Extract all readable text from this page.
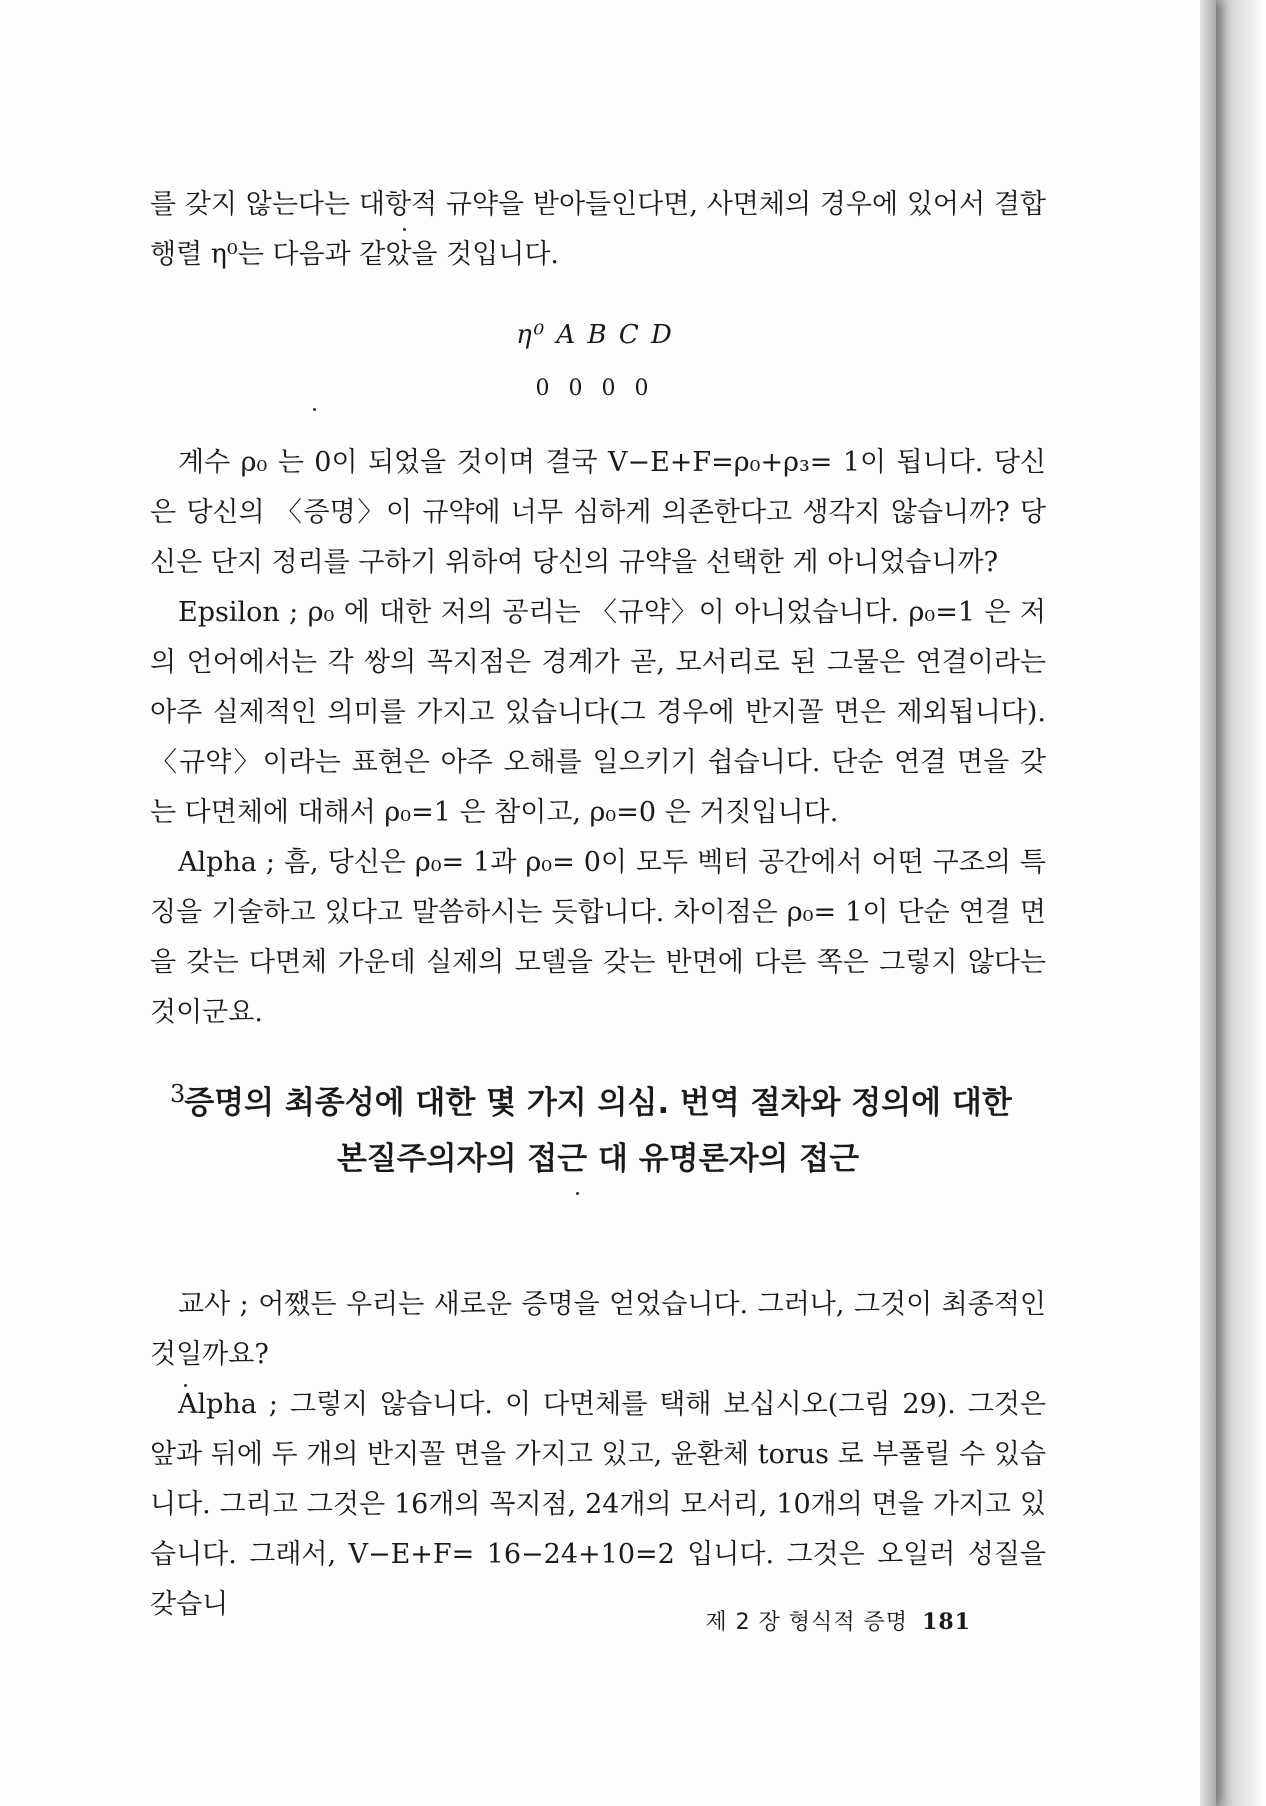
를 갖지 않는다는 대항적 규약을 받아들인다면, 사면체의 경우에 있어서 결합 행렬 η⁰는 다음과 같았을 것입니다.

η⁰ A B C D

0 0 0 0

계수 ρ₀ 는 0이 되었을 것이며 결국 V−E+F=ρ₀+ρ₃= 1이 됩니다. 당신은 당신의 〈증명〉이 규약에 너무 심하게 의존한다고 생각지 않습니까? 당신은 단지 정리를 구하기 위하여 당신의 규약을 선택한 게 아니었습니까?

Epsilon ; ρ₀ 에 대한 저의 공리는 〈규약〉이 아니었습니다. ρ₀=1 은 저의 언어에서는 각 쌍의 꼭지점은 경계가 곧, 모서리로 된 그물은 연결이라는 아주 실제적인 의미를 가지고 있습니다(그 경우에 반지꼴 면은 제외됩니다). 〈규약〉이라는 표현은 아주 오해를 일으키기 쉽습니다. 단순 연결 면을 갖는 다면체에 대해서 ρ₀=1 은 참이고, ρ₀=0 은 거짓입니다.

Alpha ; 흠, 당신은 ρ₀= 1과 ρ₀= 0이 모두 벡터 공간에서 어떤 구조의 특징을 기술하고 있다고 말씀하시는 듯합니다. 차이점은 ρ₀= 1이 단순 연결 면을 갖는 다면체 가운데 실제의 모델을 갖는 반면에 다른 쪽은 그렇지 않다는 것이군요.

3
증명의 최종성에 대한 몇 가지 의심. 번역 절차와 정의에 대한
본질주의자의 접근 대 유명론자의 접근

교사 ; 어쨌든 우리는 새로운 증명을 얻었습니다. 그러나, 그것이 최종적인 것일까요?

Alpha ; 그렇지 않습니다. 이 다면체를 택해 보십시오(그림 29). 그것은 앞과 뒤에 두 개의 반지꼴 면을 가지고 있고, 윤환체 torus 로 부풀릴 수 있습니다. 그리고 그것은 16개의 꼭지점, 24개의 모서리, 10개의 면을 가지고 있습니다. 그래서, V−E+F= 16−24+10=2 입니다. 그것은 오일러 성질을 갖습니

제 2 장 형식적 증명 181
